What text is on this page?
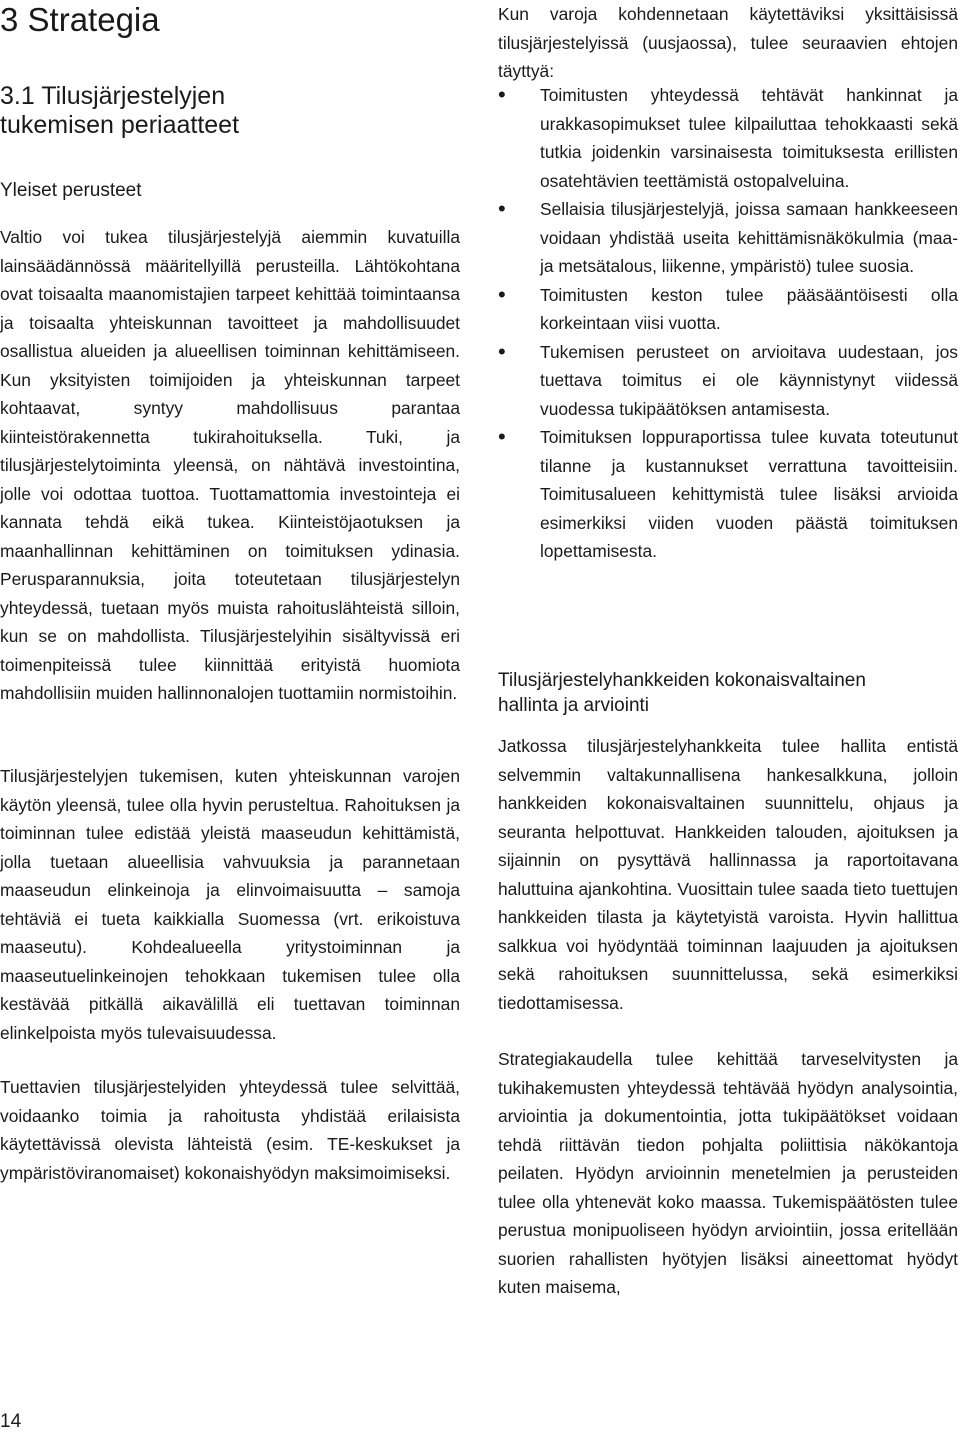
3 Strategia
3.1 Tilusjärjestelyjen
tukemisen periaatteet

Yleiset perusteet

Valtio voi tukea tilusjärjestelyjä aiemmin kuvatuilla lainsäädännössä määritellyillä perusteilla. Lähtökohtana ovat toisaalta maanomistajien tarpeet kehittää toimintaansa ja toisaalta yhteiskunnan tavoitteet ja mahdollisuudet osallistua alueiden ja alueellisen toiminnan kehittämiseen. Kun yksityisten toimijoiden ja yhteiskunnan tarpeet kohtaavat, syntyy mahdollisuus parantaa kiinteistörakennetta tukirahoituksella. Tuki, ja tilusjärjestelytoiminta yleensä, on nähtävä investointina, jolle voi odottaa tuottoa. Tuottamattomia investointeja ei kannata tehdä eikä tukea. Kiinteistöjaotuksen ja maanhallinnan kehittäminen on toimituksen ydinasia. Perusparannuksia, joita toteutetaan tilusjärjestelyn yhteydessä, tuetaan myös muista rahoituslähteistä silloin, kun se on mahdollista. Tilusjärjestelyihin sisältyvissä eri toimenpiteissä tulee kiinnittää erityistä huomiota mahdollisiin muiden hallinnonalojen tuottamiin normistoihin.

Tilusjärjestelyjen tukemisen, kuten yhteiskunnan varojen käytön yleensä, tulee olla hyvin perusteltua. Rahoituksen ja toiminnan tulee edistää yleistä maaseudun kehittämistä, jolla tuetaan alueellisia vahvuuksia ja parannetaan maaseudun elinkeinoja ja elinvoimaisuutta – samoja tehtäviä ei tueta kaikkialla Suomessa (vrt. erikoistuva maaseutu). Kohdealueella yritystoiminnan ja maaseutuelinkeinojen tehokkaan tukemisen tulee olla kestävää pitkällä aikavälillä eli tuettavan toiminnan elinkelpoista myös tulevaisuudessa.

Tuettavien tilusjärjestelyiden yhteydessä tulee selvittää, voidaanko toimia ja rahoitusta yhdistää erilaisista käytettävissä olevista lähteistä (esim. TE-keskukset ja ympäristöviranomaiset) kokonaishyödyn maksimoimiseksi.

Kun varoja kohdennetaan käytettäviksi yksittäisissä tilusjärjestelyissä (uusjaossa), tulee seuraavien ehtojen täyttyä:

• Toimitusten yhteydessä tehtävät hankinnat ja urakkasopimukset tulee kilpailuttaa tehokkaasti sekä tutkia joidenkin varsinaisesta toimituksesta erillisten osatehtävien teettämistä ostopalveluina.
• Sellaisia tilusjärjestelyjä, joissa samaan hankkeeseen voidaan yhdistää useita kehittämisnäkökulmia (maa- ja metsätalous, liikenne, ympäristö) tulee suosia.
• Toimitusten keston tulee pääsääntöisesti olla korkeintaan viisi vuotta.
• Tukemisen perusteet on arvioitava uudestaan, jos tuettava toimitus ei ole käynnistynyt viidessä vuodessa tukipäätöksen antamisesta.
• Toimituksen loppuraportissa tulee kuvata toteutunut tilanne ja kustannukset verrattuna tavoitteisiin. Toimitusalueen kehittymistä tulee lisäksi arvioida esimerkiksi viiden vuoden päästä toimituksen lopettamisesta.

Tilusjärjestelyhankkeiden kokonaisvaltainen
hallinta ja arviointi

Jatkossa tilusjärjestelyhankkeita tulee hallita entistä selvemmin valtakunnallisena hankesalkkuna, jolloin hankkeiden kokonaisvaltainen suunnittelu, ohjaus ja seuranta helpottuvat. Hankkeiden talouden, ajoituksen ja sijainnin on pysyttävä hallinnassa ja raportoitavana haluttuina ajankohtina. Vuosittain tulee saada tieto tuettujen hankkeiden tilasta ja käytetyistä varoista. Hyvin hallittua salkkua voi hyödyntää toiminnan laajuuden ja ajoituksen sekä rahoituksen suunnittelussa, sekä esimerkiksi tiedottamisessa.

Strategiakaudella tulee kehittää tarveselvitysten ja tukihakemusten yhteydessä tehtävää hyödyn analysointia, arviointia ja dokumentointia, jotta tukipäätökset voidaan tehdä riittävän tiedon pohjalta poliittisia näkökantoja peilaten. Hyödyn arvioinnin menetelmien ja perusteiden tulee olla yhtenevät koko maassa. Tukemispäätösten tulee perustua monipuoliseen hyödyn arviointiin, jossa eritellään suorien rahallisten hyötyjen lisäksi aineettomat hyödyt kuten maisema,

14
